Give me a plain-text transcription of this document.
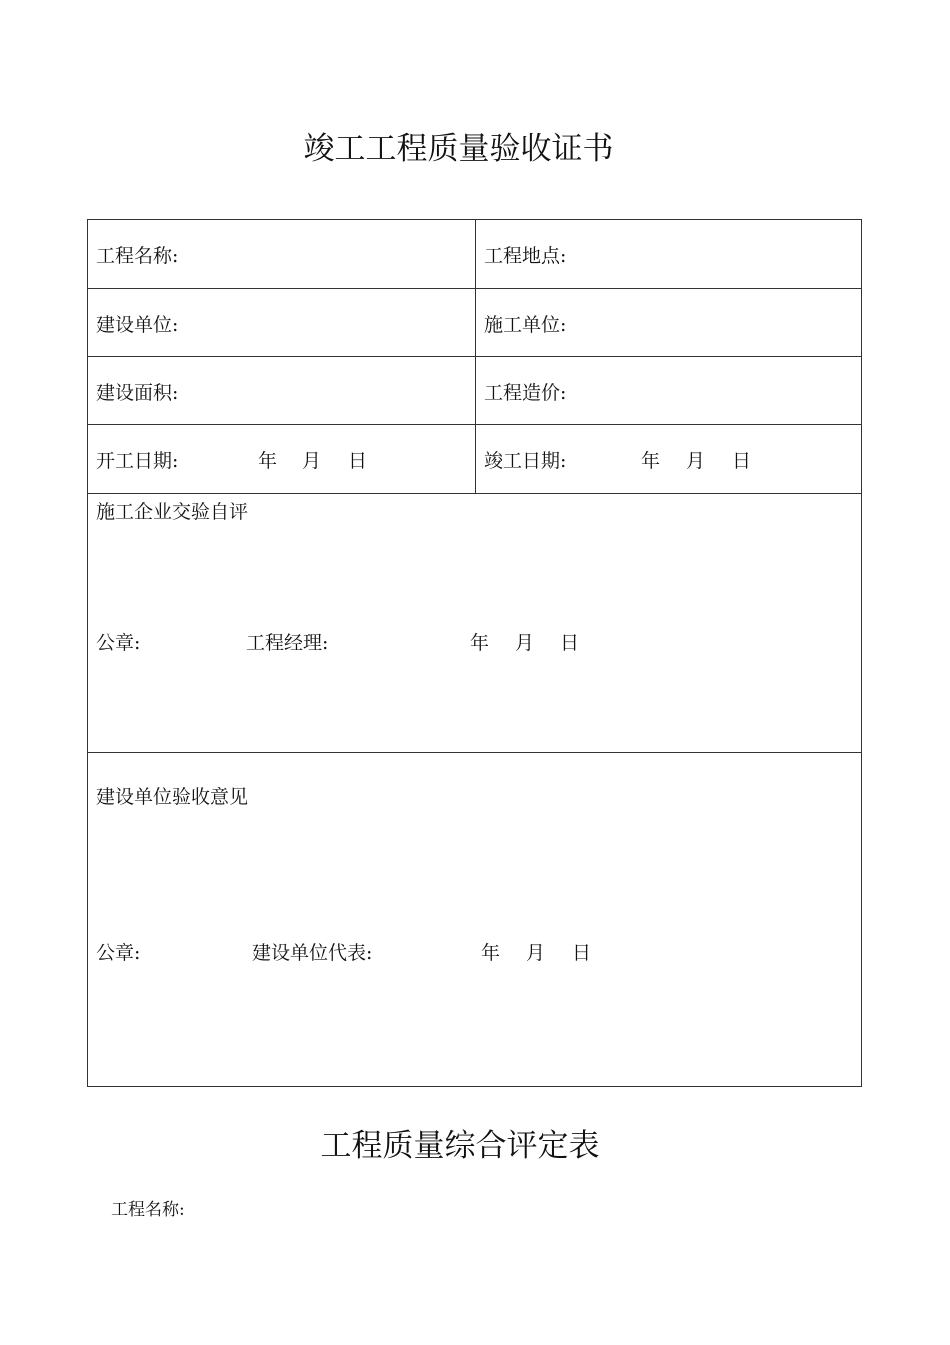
竣工工程质量验收证书
工程名称:	工程地点:
建设单位:	施工单位:
建设面积:	工程造价:
开工日期:	年 月 日	竣工日期:	年 月 日
施工企业交验自评
公章:	工程经理:	年 月 日
建设单位验收意见
公章:	建设单位代表:	年 月 日
工程质量综合评定表
工程名称:
